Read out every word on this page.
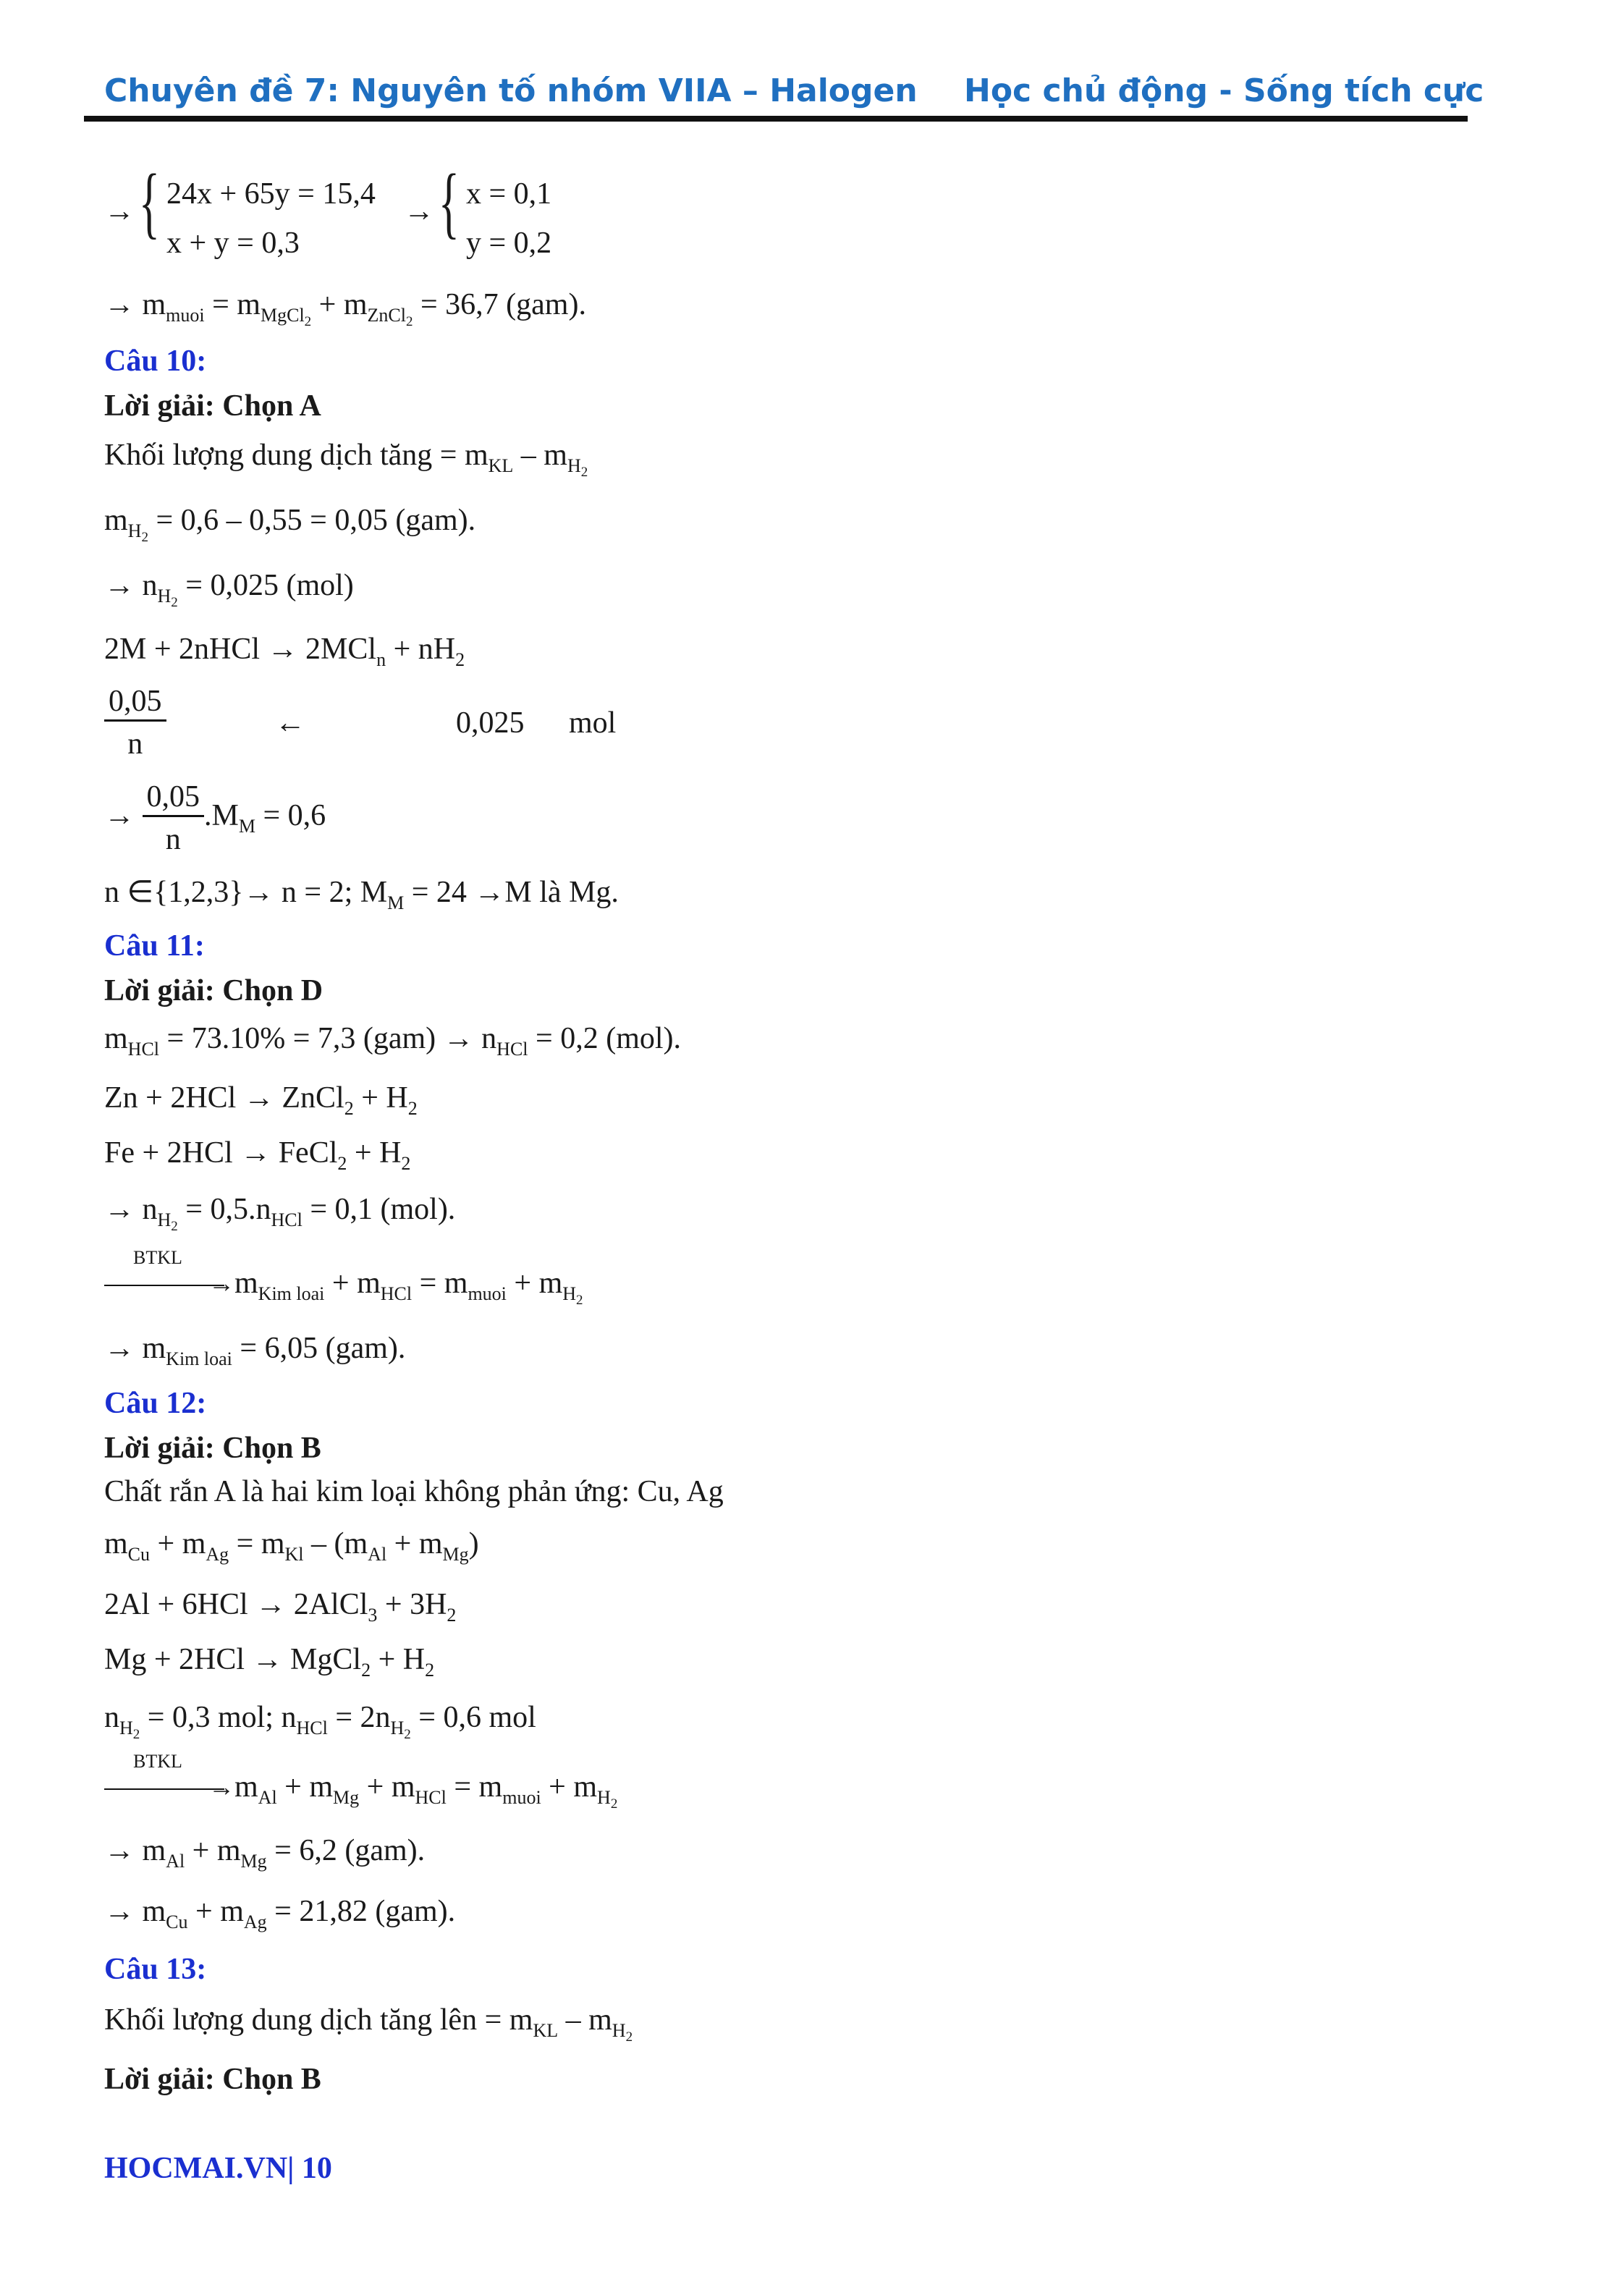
Chuyên đề 7: Nguyên tố nhóm VIIA – Halogen Học chủ động - Sống tích cực
→ { 24x + 65y = 15,4
x + y = 0,3
→ { x = 0,1
y = 0,2
→ $m_{muoi} = m_{MgCl_2} + m_{ZnCl_2} = 36,7$ (gam).
Câu 10:
Lời giải: Chọn A
Khối lượng dung dịch tăng = $m_{KL} - m_{H_2}$
$m_{H_2} = 0,6 - 0,55 = 0,05$ (gam).
→ $n_{H_2} = 0,025$ (mol)
2M + 2nHCl → $2MCl_n + nH_2$
$\frac{0,05}{n}$	←	0,025 mol
→ $\frac{0,05}{n} .M_M = 0,6$
n ∈{1,2,3}→ n = 2; $M_M = 24 \to M$ là Mg.
Câu 11:
Lời giải: Chọn D
$m_{HCl} = 73.10\% = 7,3$ $(gam) \to n_{HCl} = 0,2$ (mol).
Zn + 2HCl → ZnCl$_2$ + $H_2$
Fe + 2HCl → FeCl$_2$ + $H_2$
→ $n_{H_2} = 0,5.n_{HCl} = 0,1$ (mol).
BTKL
→ $m_{Kim loai} + m_{HCl} = m_{muoi} + m_{H_2}$
→ $m_{Kim loai} = 6,05$ (gam).
Câu 12:
Lời giải: Chọn B
Chất rắn A là hai kim loại không phản ứng: Cu, Ag
$m_{Cu} + m_{Ag} = m_{Kl} - (m_{Al} + m_{Mg})$
2Al + 6HCl → 2AlCl$_3$ + $3H_2$
Mg + 2HCl → MgCl$_2$ + $H_2$
$n_{H_2} = 0,3$ mol; $n_{HCl} = 2n_{H_2} = 0,6$ mol
BTKL
→ $m_{Al} + m_{Mg} + m_{HCl} = m_{muoi} + m_{H_2}$
→ $m_{Al} + m_{Mg} = 6,2$ (gam).
→ $m_{Cu} + m_{Ag} = 21,82$ (gam).
Câu 13:
Khối lượng dung dịch tăng lên = $m_{KL} - m_{H_2}$
Lời giải: Chọn B
HOCMAI.VN| 10
